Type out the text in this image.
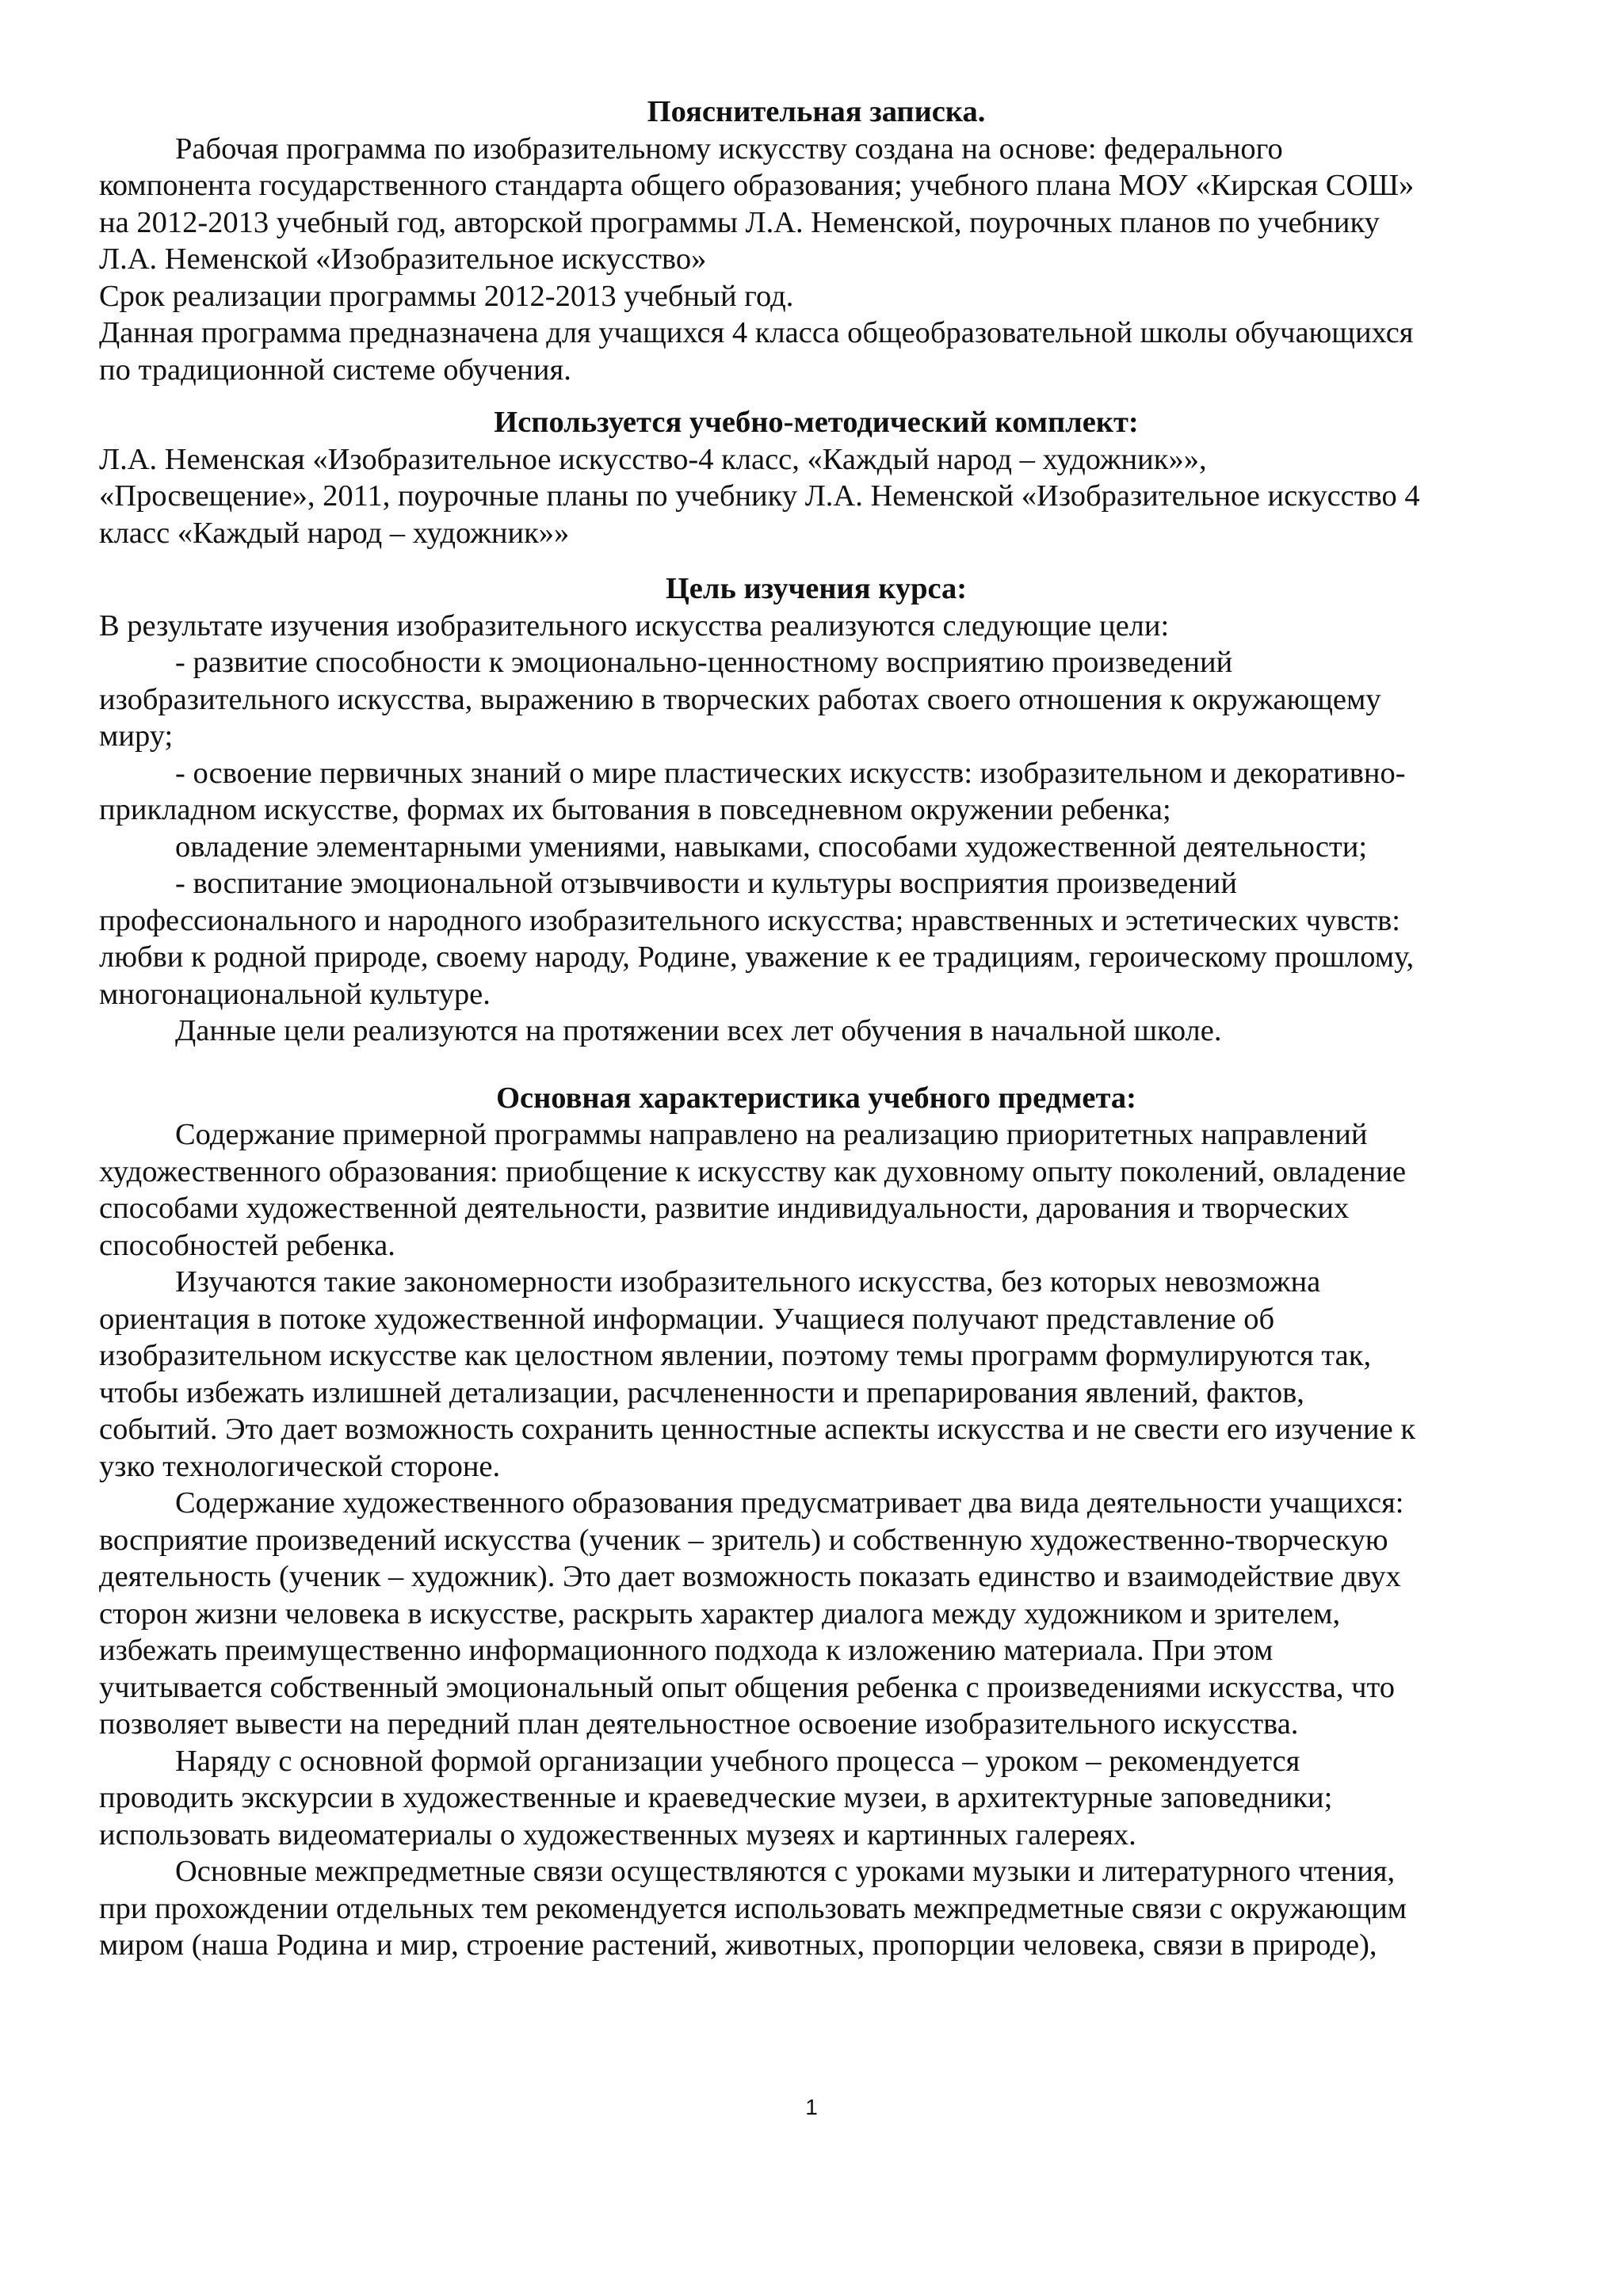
Пояснительная записка.
Рабочая программа по изобразительному искусству создана на основе: федерального
компонента государственного стандарта общего образования; учебного плана МОУ «Кирская СОШ»
на 2012-2013 учебный год, авторской программы Л.А. Неменской, поурочных планов по учебнику
Л.А. Неменской «Изобразительное искусство»
Срок реализации программы 2012-2013 учебный год.
Данная программа предназначена для учащихся 4 класса общеобразовательной школы обучающихся
по традиционной системе обучения.
Используется учебно-методический комплект:
Л.А. Неменская «Изобразительное искусство-4 класс, «Каждый народ – художник»»,
«Просвещение», 2011, поурочные планы по учебнику Л.А. Неменской «Изобразительное искусство 4
класс «Каждый народ – художник»»
Цель изучения курса:
В результате изучения изобразительного искусства реализуются следующие цели:
- развитие способности к эмоционально-ценностному восприятию произведений
изобразительного искусства, выражению в творческих работах своего отношения к окружающему
миру;
- освоение первичных знаний о мире пластических искусств: изобразительном и декоративно-
прикладном искусстве, формах их бытования в повседневном окружении ребенка;
овладение элементарными умениями, навыками, способами художественной деятельности;
- воспитание эмоциональной отзывчивости и культуры восприятия произведений
профессионального и народного изобразительного искусства; нравственных и эстетических чувств:
любви к родной природе, своему народу, Родине, уважение к ее традициям, героическому прошлому,
многонациональной культуре.
Данные цели реализуются на протяжении всех лет обучения в начальной школе.
Основная характеристика учебного предмета:
Содержание примерной программы направлено на реализацию приоритетных направлений
художественного образования: приобщение к искусству как духовному опыту поколений, овладение
способами художественной деятельности, развитие индивидуальности, дарования и творческих
способностей ребенка.
Изучаются такие закономерности изобразительного искусства, без которых невозможна
ориентация в потоке художественной информации. Учащиеся получают представление об
изобразительном искусстве как целостном явлении, поэтому темы программ формулируются так,
чтобы избежать излишней детализации, расчлененности и препарирования явлений, фактов,
событий. Это дает возможность сохранить ценностные аспекты искусства и не свести его изучение к
узко технологической стороне.
Содержание художественного образования предусматривает два вида деятельности учащихся:
восприятие произведений искусства (ученик – зритель) и собственную художественно-творческую
деятельность (ученик – художник). Это дает возможность показать единство и взаимодействие двух
сторон жизни человека в искусстве, раскрыть характер диалога между художником и зрителем,
избежать преимущественно информационного подхода к изложению материала. При этом
учитывается собственный эмоциональный опыт общения ребенка с произведениями искусства, что
позволяет вывести на передний план деятельностное освоение изобразительного искусства.
Наряду с основной формой организации учебного процесса – уроком – рекомендуется
проводить экскурсии в художественные и краеведческие музеи, в архитектурные заповедники;
использовать видеоматериалы о художественных музеях и картинных галереях.
Основные межпредметные связи осуществляются с уроками музыки и литературного чтения,
при прохождении отдельных тем рекомендуется использовать межпредметные связи с окружающим
миром (наша Родина и мир, строение растений, животных, пропорции человека, связи в природе),
1
